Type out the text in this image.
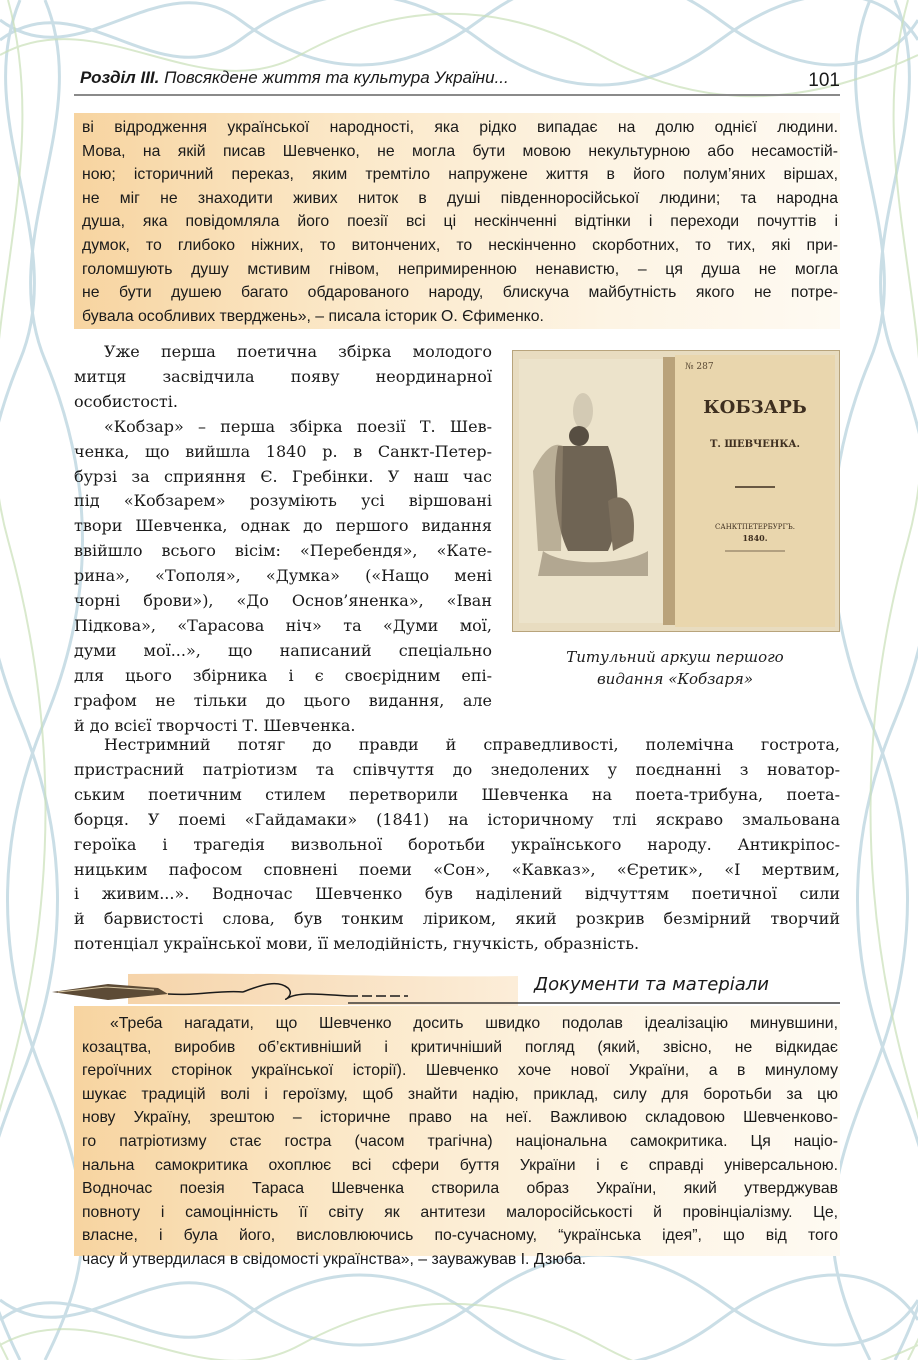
Розділ ІІІ. Повсякдене життя та культура України...	101
ві відродження української народності, яка рідко випадає на долю однієї людини.
Мова, на якій писав Шевченко, не могла бути мовою некультурною або несамостій-
ною; історичний переказ, яким тремтіло напружене життя в його полум’яних віршах,
не міг не знаходити живих ниток в душі південноросійської людини; та народна
душа, яка повідомляла його поезії всі ці нескінченні відтінки і переходи почуттів і
думок, то глибоко ніжних, то витончених, то нескінченно скорботних, то тих, які при-
голомшують душу мстивим гнівом, непримиренною ненавистю, – ця душа не могла
не бути душею багато обдарованого народу, блискуча майбутність якого не потре-
бувала особливих тверджень», – писала історик О. Єфименко.
Уже перша поетична збірка молодого
митця засвідчила появу неординарної
особистості.
«Кобзар» – перша збірка поезії Т. Шев-
ченка, що вийшла 1840 р. в Санкт-Петер-
бурзі за сприяння Є. Гребінки. У наш час
під «Кобзарем» розуміють усі віршовані
твори Шевченка, однак до першого видання
ввійшло всього вісім: «Перебендя», «Кате-
рина», «Тополя», «Думка» («Нащо мені
чорні брови»), «До Основ’яненка», «Іван
Підкова», «Тарасова ніч» та «Думи мої,
думи мої...», що написаний спеціально
для цього збірника і є своєрідним епі-
графом не тільки до цього видання, але
й до всієї творчості Т. Шевченка.
№ 287
КОБЗАРЬ
Т. ШЕВЧЕНКА.
САНКТПЕТЕРБУРГЪ.
1840.
Титульний аркуш першого
видання «Кобзаря»
Нестримний потяг до правди й справедливості, полемічна гострота,
пристрасний патріотизм та співчуття до знедолених у поєднанні з новатор-
ським поетичним стилем перетворили Шевченка на поета-трибуна, поета-
борця. У поемі «Гайдамаки» (1841) на історичному тлі яскраво змальована
героїка і трагедія визвольної боротьби українського народу. Антикріпос-
ницьким пафосом сповнені поеми «Сон», «Кавказ», «Єретик», «І мертвим,
і живим...». Водночас Шевченко був наділений відчуттям поетичної сили
й барвистості слова, був тонким ліриком, який розкрив безмірний творчий
потенціал української мови, її мелодійність, гнучкість, образність.
Документи та матеріали
«Треба нагадати, що Шевченко досить швидко подолав ідеалізацію минувшини,
козацтва, виробив об’єктивніший і критичніший погляд (який, звісно, не відкидає
героїчних сторінок української історії). Шевченко хоче нової України, а в минулому
шукає традицій волі і героїзму, щоб знайти надію, приклад, силу для боротьби за цю
нову Україну, зрештою – історичне право на неї. Важливою складовою Шевченково-
го патріотизму стає гостра (часом трагічна) національна самокритика. Ця націо-
нальна самокритика охоплює всі сфери буття України і є справді універсальною.
Водночас поезія Тараса Шевченка створила образ України, який утверджував
повноту і самоцінність її світу як антитези малоросійськості й провінціалізму. Це,
власне, і була його, висловлюючись по-сучасному, “українська ідея”, що від того
часу й утвердилася в свідомості українства», – зауважував І. Дзюба.
